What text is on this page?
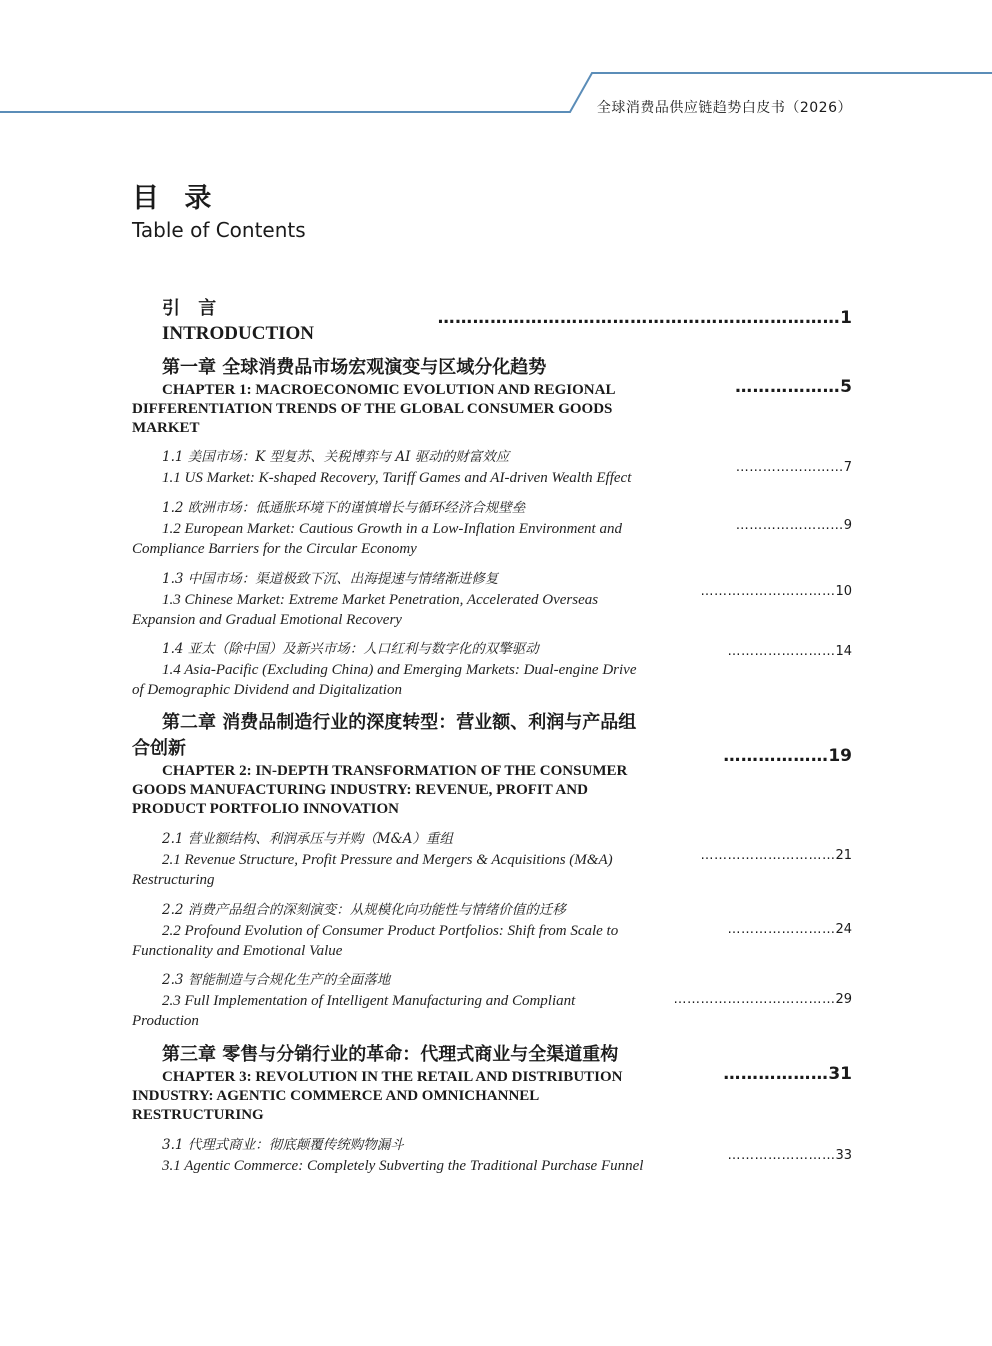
全球消费品供应链趋势白皮书（2026）
目 录
Table of Contents
引 言
INTRODUCTION
……………………………………………………………1
第一章 全球消费品市场宏观演变与区域分化趋势
CHAPTER 1: MACROECONOMIC EVOLUTION AND REGIONAL
DIFFERENTIATION TRENDS OF THE GLOBAL CONSUMER GOODS
MARKET
………………5
1.1 美国市场：K 型复苏、关税博弈与 AI 驱动的财富效应
1.1 US Market: K-shaped Recovery, Tariff Games and AI-driven Wealth Effect
……………………7
1.2 欧洲市场：低通胀环境下的谨慎增长与循环经济合规壁垒
1.2 European Market: Cautious Growth in a Low-Inflation Environment and
Compliance Barriers for the Circular Economy
……………………9
1.3 中国市场：渠道极致下沉、出海提速与情绪渐进修复
1.3 Chinese Market: Extreme Market Penetration, Accelerated Overseas
Expansion and Gradual Emotional Recovery
…………………………10
1.4 亚太（除中国）及新兴市场：人口红利与数字化的双擎驱动
1.4 Asia-Pacific (Excluding China) and Emerging Markets: Dual-engine Drive
of Demographic Dividend and Digitalization
……………………14
第二章 消费品制造行业的深度转型：营业额、利润与产品组
合创新
CHAPTER 2: IN-DEPTH TRANSFORMATION OF THE CONSUMER
GOODS MANUFACTURING INDUSTRY: REVENUE, PROFIT AND
PRODUCT PORTFOLIO INNOVATION
………………19
2.1 营业额结构、利润承压与并购（M&A）重组
2.1 Revenue Structure, Profit Pressure and Mergers & Acquisitions (M&A)
Restructuring
…………………………21
2.2 消费产品组合的深刻演变：从规模化向功能性与情绪价值的迁移
2.2 Profound Evolution of Consumer Product Portfolios: Shift from Scale to
Functionality and Emotional Value
……………………24
2.3 智能制造与合规化生产的全面落地
2.3 Full Implementation of Intelligent Manufacturing and Compliant
Production
………………………………29
第三章 零售与分销行业的革命：代理式商业与全渠道重构
CHAPTER 3: REVOLUTION IN THE RETAIL AND DISTRIBUTION
INDUSTRY: AGENTIC COMMERCE AND OMNICHANNEL
RESTRUCTURING
………………31
3.1 代理式商业：彻底颠覆传统购物漏斗
3.1 Agentic Commerce: Completely Subverting the Traditional Purchase Funnel
……………………33
